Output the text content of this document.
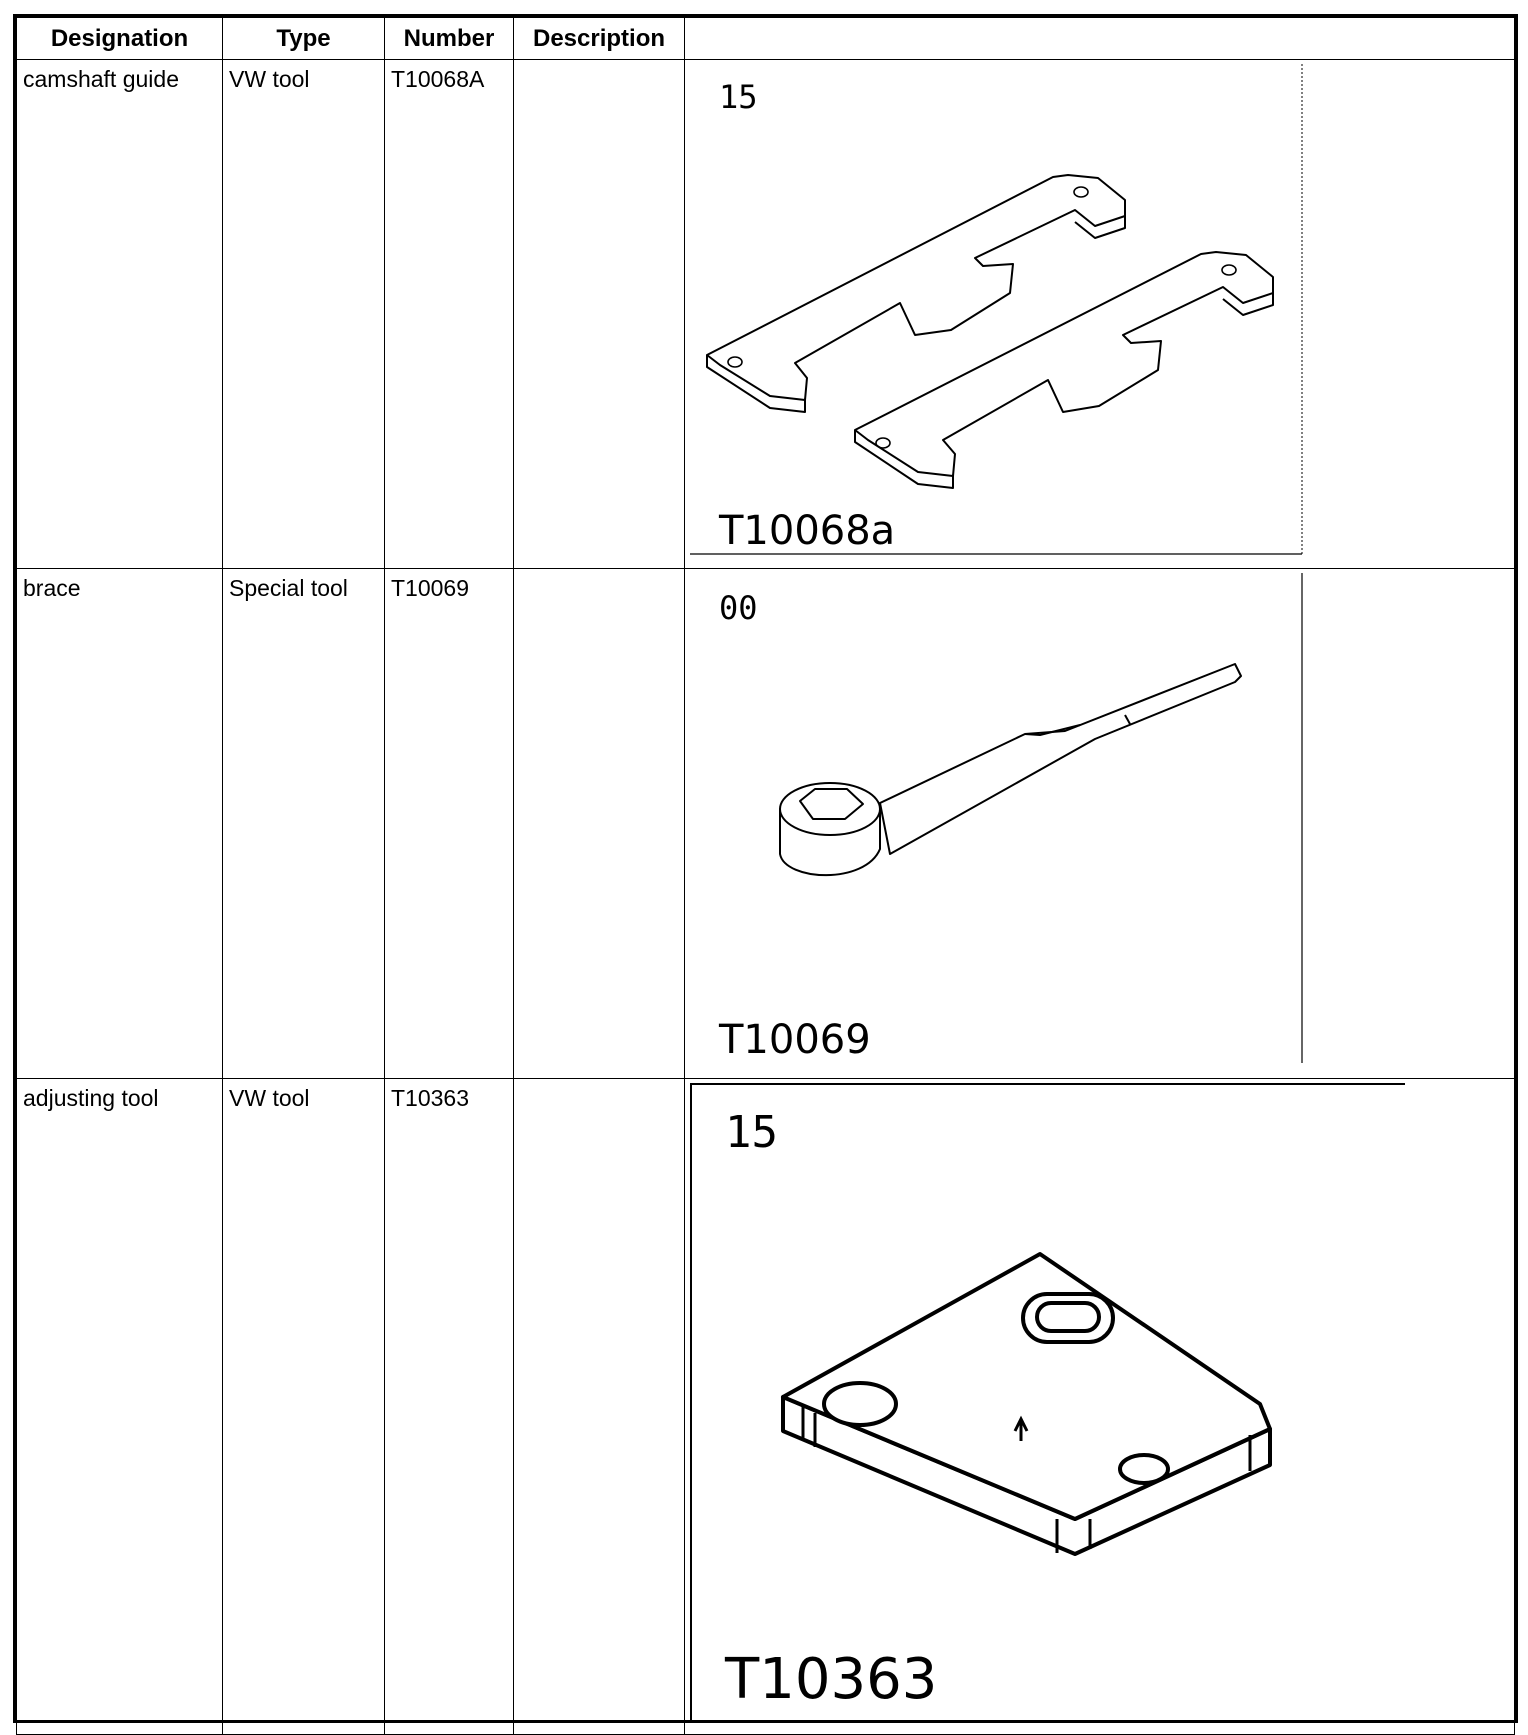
Designation	Type	Number	Description	
camshaft guide	VW tool	T10068A		15
T10068a

brace	Special tool	T10069		00
T10069

adjusting tool	VW tool	T10363		15
T10363
